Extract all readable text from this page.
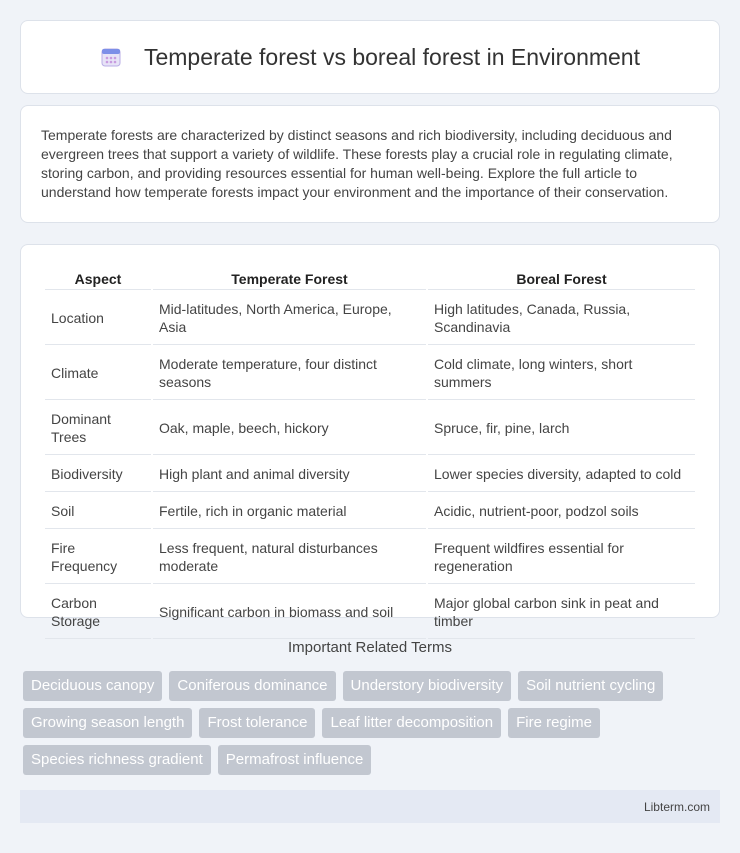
Temperate forest vs boreal forest in Environment

Temperate forests are characterized by distinct seasons and rich biodiversity, including deciduous and evergreen trees that support a variety of wildlife. These forests play a crucial role in regulating climate, storing carbon, and providing resources essential for human well-being. Explore the full article to understand how temperate forests impact your environment and the importance of their conservation.

Aspect	Temperate Forest	Boreal Forest
Location	Mid-latitudes, North America, Europe, Asia	High latitudes, Canada, Russia, Scandinavia
Climate	Moderate temperature, four distinct seasons	Cold climate, long winters, short summers
Dominant Trees	Oak, maple, beech, hickory	Spruce, fir, pine, larch
Biodiversity	High plant and animal diversity	Lower species diversity, adapted to cold
Soil	Fertile, rich in organic material	Acidic, nutrient-poor, podzol soils
Fire Frequency	Less frequent, natural disturbances moderate	Frequent wildfires essential for regeneration
Carbon Storage	Significant carbon in biomass and soil	Major global carbon sink in peat and timber
Important Related Terms
Deciduous canopy	Coniferous dominance	Understory biodiversity	Soil nutrient cycling
Growing season length	Frost tolerance	Leaf litter decomposition	Fire regime
Species richness gradient	Permafrost influence
Libterm.com
